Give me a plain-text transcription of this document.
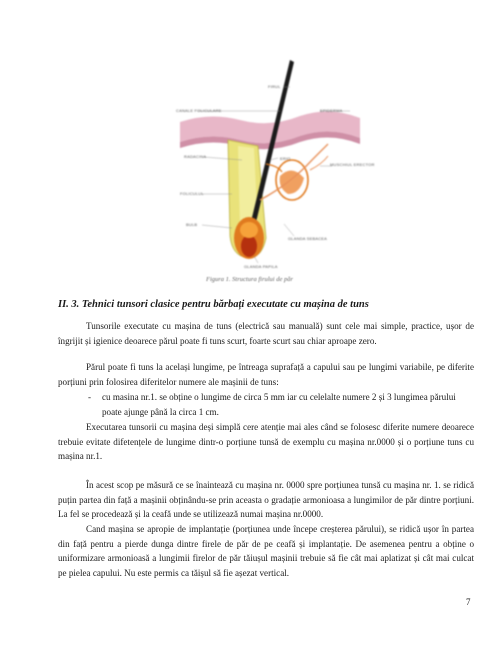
FIRUL
CANALE FOLICULARE	EPIDERMA
RADACINA	ERIO
MUSCHIUL ERECTOR
FOLICULUL
BULB
GLANDA SEBACEA
GLANDA PAPILA
Figura 1. Structura firului de păr
II. 3. Tehnici tunsori clasice pentru bărbați executate cu mașina de tuns
Tunsorile executate cu mașina de tuns (electrică sau manuală) sunt cele mai simple, practice, ușor de îngrijit și igienice deoarece părul poate fi tuns scurt, foarte scurt sau chiar aproape zero.
Părul poate fi tuns la același lungime, pe întreaga suprafață a capului sau pe lungimi variabile, pe diferite porțiuni prin folosirea diferitelor numere ale mașinii de tuns:
- cu masina nr.1. se obține o lungime de circa 5 mm iar cu celelalte numere 2 și 3 lungimea părului poate ajunge până la circa 1 cm.
Executarea tunsorii cu mașina deși simplă cere atenție mai ales când se folosesc diferite numere deoarece trebuie evitate difetențele de lungime dintr-o porțiune tunsă de exemplu cu mașina nr.0000 și o porțiune tuns cu mașina nr.1.
În acest scop pe măsură ce se înaintează cu mașina nr. 0000 spre porțiunea tunsă cu mașina nr. 1. se ridică puțin partea din față a mașinii obținându-se prin aceasta o gradație armonioasa a lungimilor de păr dintre porțiuni. La fel se procedează și la ceafă unde se utilizează numai mașina nr.0000.
Cand mașina se apropie de implantație (porțiunea unde începe creșterea părului), se ridică ușor în partea din față pentru a pierde dunga dintre firele de păr de pe ceafă și implantație. De asemenea pentru a obține o uniformizare armonioasă a lungimii firelor de păr tăiușul mașinii trebuie să fie cât mai aplatizat și cât mai culcat pe pielea capului. Nu este permis ca tăișul să fie așezat vertical.
7
